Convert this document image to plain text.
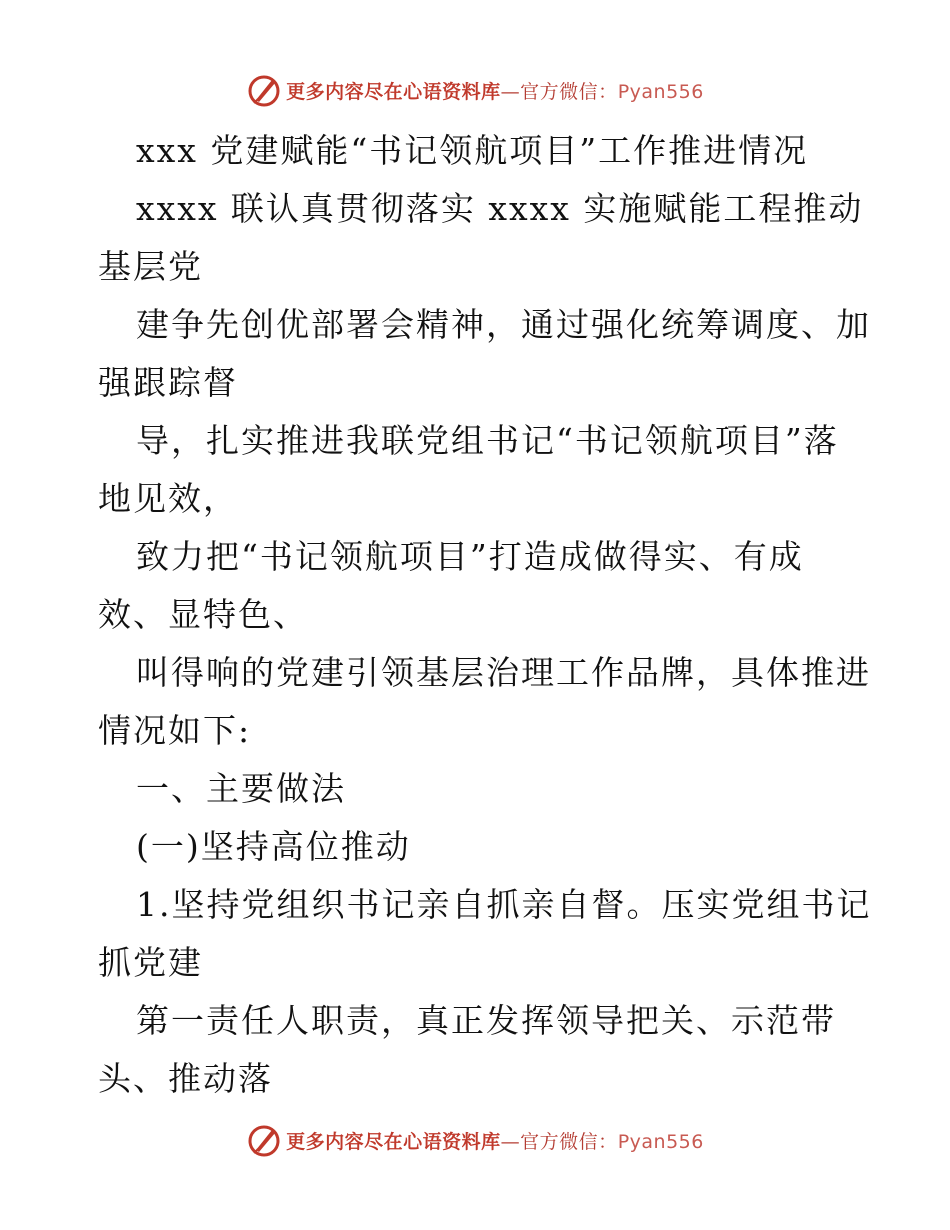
更多内容尽在心语资料库—官方微信：Pyan556
xxx 党建赋能“书记领航项目”工作推进情况
xxxx 联认真贯彻落实 xxxx 实施赋能工程推动
基层党
建争先创优部署会精神，通过强化统筹调度、加
强跟踪督
导，扎实推进我联党组书记“书记领航项目”落
地见效，
致力把“书记领航项目”打造成做得实、有成
效、显特色、
叫得响的党建引领基层治理工作品牌，具体推进
情况如下:
一、主要做法
(一)坚持高位推动
1.坚持党组织书记亲自抓亲自督。压实党组书记
抓党建
第一责任人职责，真正发挥领导把关、示范带
头、推动落
更多内容尽在心语资料库—官方微信：Pyan556
